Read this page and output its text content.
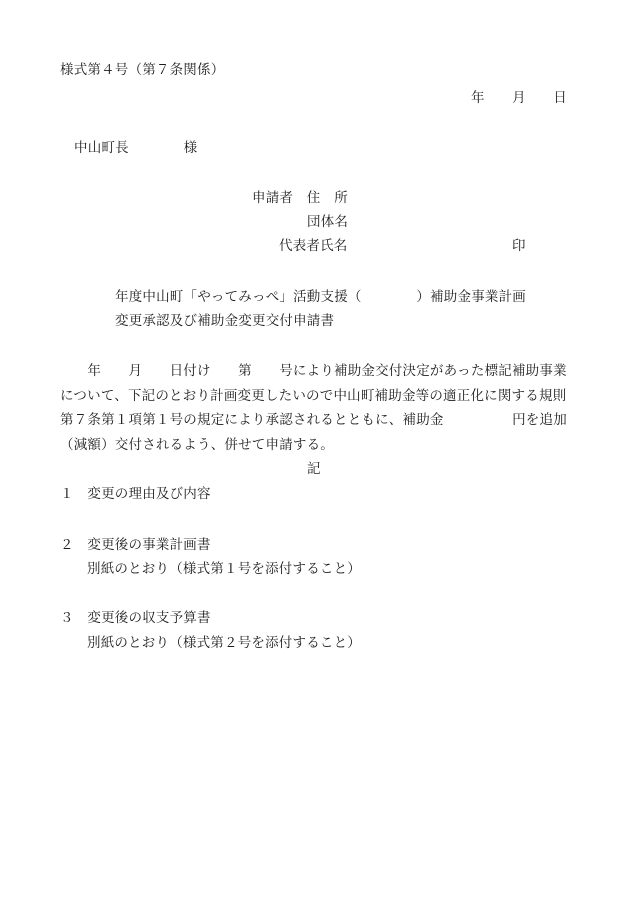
様式第４号（第７条関係）
年　　月　　日
中山町長　　　　様
申請者　住　所
団体名
代表者氏名	印
年度中山町「やってみっぺ」活動支援（　　　　）補助金事業計画
変更承認及び補助金変更交付申請書
　　年　　月　　日付け　　第　　号により補助金交付決定があった標記補助事業
について、下記のとおり計画変更したいので中山町補助金等の適正化に関する規則
第７条第１項第１号の規定により承認されるとともに、補助金　　　　　円を追加
（減額）交付されるよう、併せて申請する。
記
１　変更の理由及び内容
２　変更後の事業計画書
別紙のとおり（様式第１号を添付すること）
３　変更後の収支予算書
別紙のとおり（様式第２号を添付すること）
